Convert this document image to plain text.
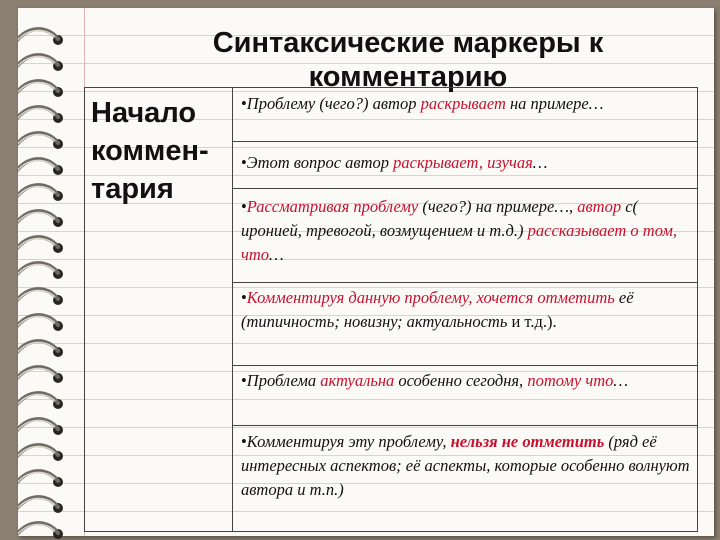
Синтаксические маркеры к
комментарию
Начало
коммен-
тария
•Проблему (чего?) автор раскрывает на примере…
•Этот вопрос автор раскрывает, изучая…
•Рассматривая проблему (чего?) на примере…, автор с( иронией, тревогой, возмущением и т.д.) рассказывает о том, что…
•Комментируя данную проблему, хочется отметить её (типичность; новизну; актуальность и т.д.).
•Проблема актуальна особенно сегодня, потому что…
•Комментируя эту проблему, нельзя не отметить (ряд её интересных аспектов; её аспекты, которые особенно волнуют автора и т.п.)
